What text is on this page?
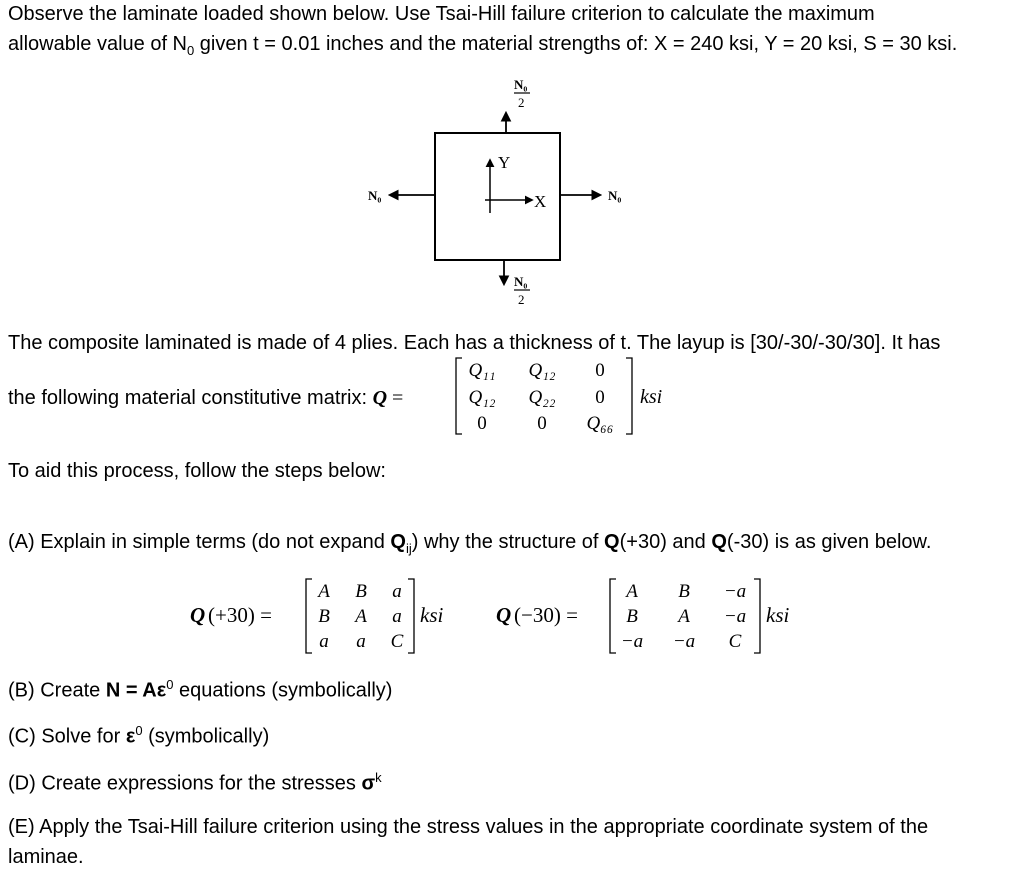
Observe the laminate loaded shown below. Use Tsai-Hill failure criterion to calculate the maximum
allowable value of $N_0$ given t = 0.01 inches and the material strengths of: X = 240 ksi, Y = 20 ksi, S = 30 ksi.
Y
X
N₀
2
N₀
2
N₀	N₀
The composite laminated is made of 4 plies. Each has a thickness of t. The layup is [30/-30/-30/30]. It has
the following material constitutive matrix: Q =
Q₁₁ Q₁₂ 0
Q₁₂ Q₂₂ 0
0	0 Q₆₆
ksi
To aid this process, follow the steps below:
(A) Explain in simple terms (do not expand $Q_{ij}$) why the structure of Q(+30) and Q(-30) is as given below.
Q (+30) =
A B a
B A a
a a C
ksi	Q (−30) =
A B −a
B A −a
−a −a C
ksi
(B) Create $N = A\varepsilon^0$ equations (symbolically)
(C) Solve for $\varepsilon^0$ (symbolically)
(D) Create expressions for the stresses $\sigma^k$
(E) Apply the Tsai-Hill failure criterion using the stress values in the appropriate coordinate system of the
laminae.
